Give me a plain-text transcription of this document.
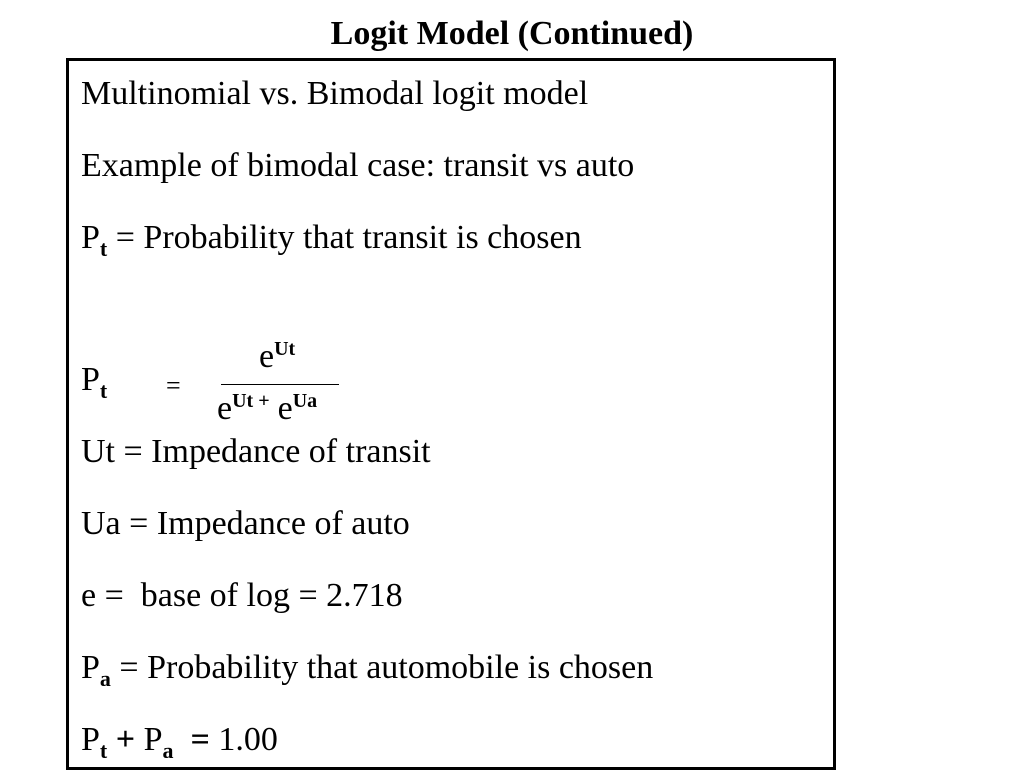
Logit Model (Continued)
Multinomial vs. Bimodal logit model
Example of bimodal case: transit vs auto
$P_t$ = Probability that transit is chosen
$P_t$ =
$e^{Ut}$
$e^{Ut +}$ $e^{Ua}$
Ut = Impedance of transit
Ua = Impedance of auto
e =  base of log = 2.718
$P_a$ = Probability that automobile is chosen
$P_t + P_a = 1.00$
